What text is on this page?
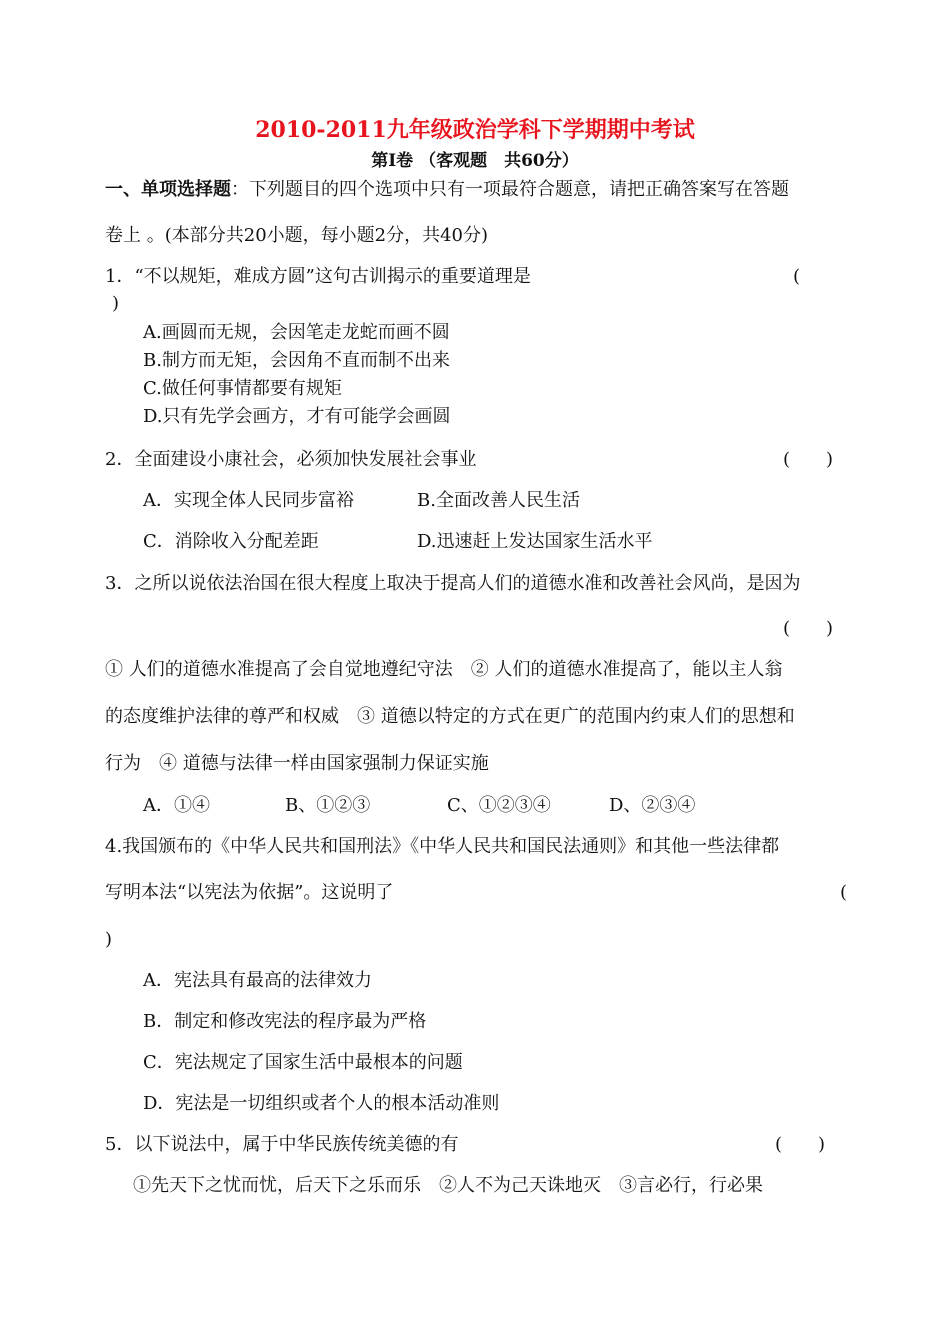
2010-2011九年级政治学科下学期期中考试
第Ⅰ卷 （客观题　共60分）
一、单项选择题：下列题目的四个选项中只有一项最符合题意，请把正确答案写在答题
卷上 。(本部分共20小题，每小题2分，共40分)
1．“不以规矩，难成方圆”这句古训揭示的重要道理是	(
)
A.画圆而无规，会因笔走龙蛇而画不圆
B.制方而无矩，会因角不直而制不出来
C.做任何事情都要有规矩
D.只有先学会画方，才有可能学会画圆
2．全面建设小康社会，必须加快发展社会事业	(　　)
A．实现全体人民同步富裕	B.全面改善人民生活
C．消除收入分配差距	D.迅速赶上发达国家生活水平
3．之所以说依法治国在很大程度上取决于提高人们的道德水准和改善社会风尚，是因为
(　　)
① 人们的道德水准提高了会自觉地遵纪守法　② 人们的道德水准提高了，能以主人翁
的态度维护法律的尊严和权威　③ 道德以特定的方式在更广的范围内约束人们的思想和
行为　④ 道德与法律一样由国家强制力保证实施
A．①④	B、①②③	C、①②③④	D、②③④
4.我国颁布的《中华人民共和国刑法》《中华人民共和国民法通则》和其他一些法律都
写明本法“以宪法为依据”。这说明了	(
)
A．宪法具有最高的法律效力
B．制定和修改宪法的程序最为严格
C．宪法规定了国家生活中最根本的问题
D．宪法是一切组织或者个人的根本活动准则
5．以下说法中，属于中华民族传统美德的有	(　　)
①先天下之忧而忧，后天下之乐而乐　②人不为己天诛地灭　③言必行，行必果
